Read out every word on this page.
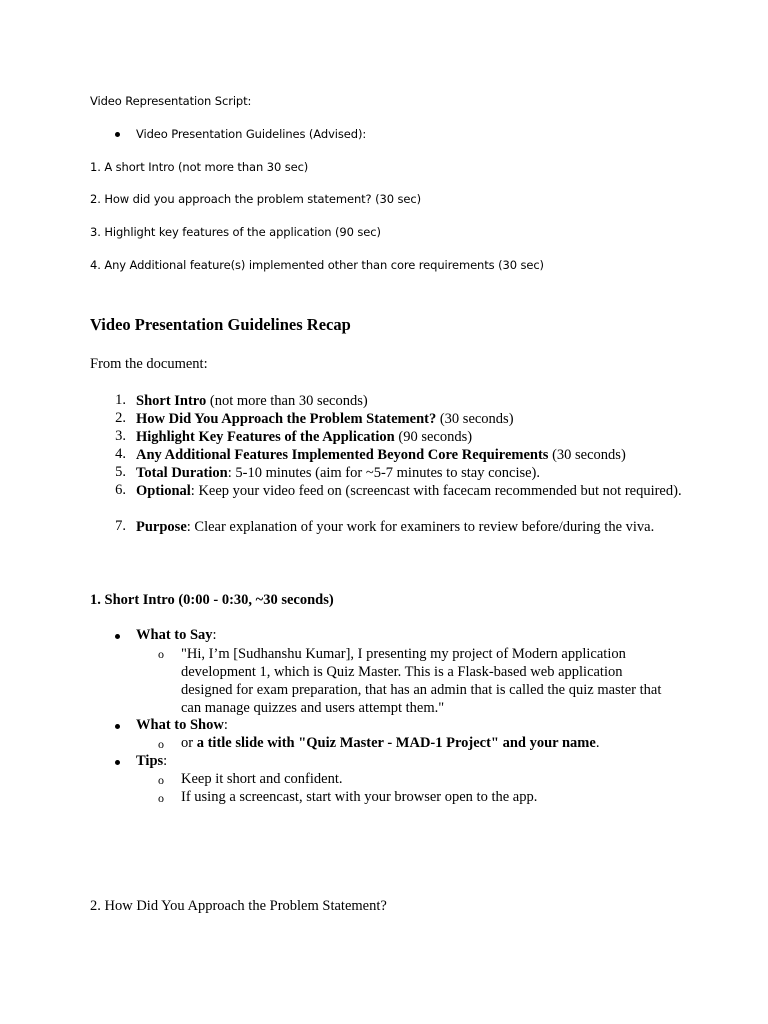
Video Representation Script:
Video Presentation Guidelines (Advised):
1. A short Intro (not more than 30 sec)
2. How did you approach the problem statement? (30 sec)
3. Highlight key features of the application (90 sec)
4. Any Additional feature(s) implemented other than core requirements (30 sec)
Video Presentation Guidelines Recap
From the document:
1. Short Intro (not more than 30 seconds)
2. How Did You Approach the Problem Statement? (30 seconds)
3. Highlight Key Features of the Application (90 seconds)
4. Any Additional Features Implemented Beyond Core Requirements (30 seconds)
5. Total Duration: 5-10 minutes (aim for ~5-7 minutes to stay concise).
6. Optional: Keep your video feed on (screencast with facecam recommended but not required).
7. Purpose: Clear explanation of your work for examiners to review before/during the viva.
1. Short Intro (0:00 - 0:30, ~30 seconds)
What to Say:
o "Hi, I’m [Sudhanshu Kumar], I presenting my project of Modern application development 1, which is Quiz Master. This is a Flask-based web application designed for exam preparation, that has an admin that is called the quiz master that can manage quizzes and users attempt them."
What to Show:
o or a title slide with "Quiz Master - MAD-1 Project" and your name.
Tips:
o Keep it short and confident.
o If using a screencast, start with your browser open to the app.
2. How Did You Approach the Problem Statement?
